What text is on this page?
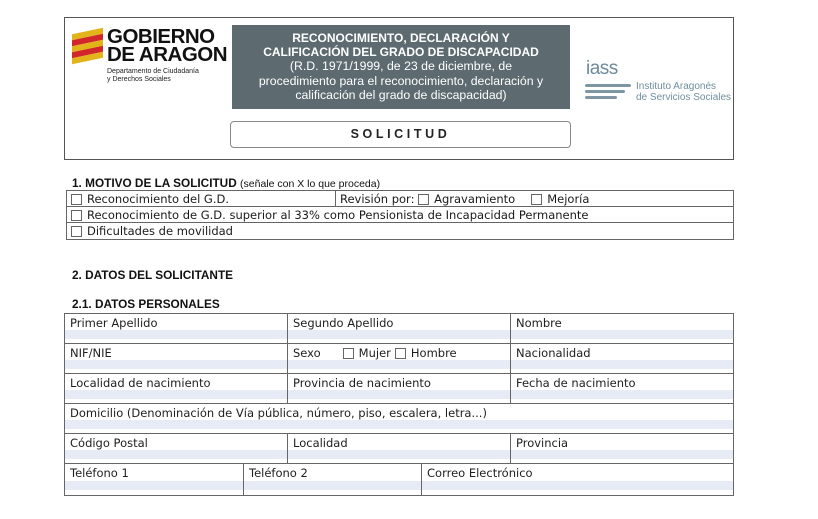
GOBIERNO
DE ARAGON
Departamento de Ciudadanía
y Derechos Sociales
RECONOCIMIENTO, DECLARACIÓN Y
CALIFICACIÓN DEL GRADO DE DISCAPACIDAD
(R.D. 1971/1999, de 23 de diciembre, de
procedimiento para el reconocimiento, declaración y
calificación del grado de discapacidad)
iass
Instituto Aragonés
de Servicios Sociales
SOLICITUD
1. MOTIVO DE LA SOLICITUD (señale con X lo que proceda)
Reconocimiento del G.D.	Revisión por: Agravamiento	Mejoría
Reconocimiento de G.D. superior al 33% como Pensionista de Incapacidad Permanente
Dificultades de movilidad
2. DATOS DEL SOLICITANTE
2.1. DATOS PERSONALES
Primer Apellido	Segundo Apellido	Nombre
NIF/NIE	Sexo	Mujer Hombre	Nacionalidad
Localidad de nacimiento	Provincia de nacimiento	Fecha de nacimiento
Domicilio (Denominación de Vía pública, número, piso, escalera, letra...)
Código Postal	Localidad	Provincia
Teléfono 1	Teléfono 2	Correo Electrónico
